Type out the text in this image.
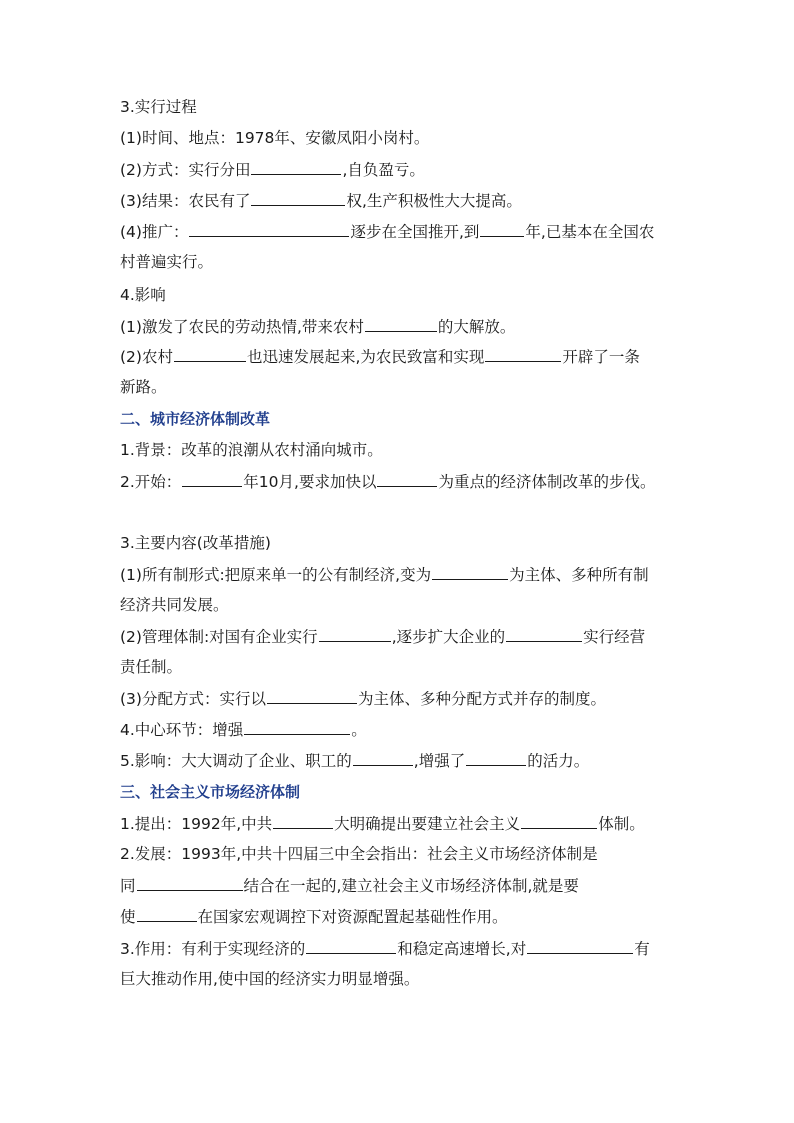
3.实行过程

(1)时间、地点：1978年、安徽凤阳小岗村。

(2)方式：实行分田	,自负盈亏。

(3)结果：农民有了	权,生产积极性大大提高。

(4)推广：	逐步在全国推开,到	年,已基本在全国农

村普遍实行。

4.影响

(1)激发了农民的劳动热情,带来农村	的大解放。

(2)农村	也迅速发展起来,为农民致富和实现	开辟了一条

新路。

二、城市经济体制改革

1.背景：改革的浪潮从农村涌向城市。

2.开始：	年10月,要求加快以	为重点的经济体制改革的步伐。

3.主要内容(改革措施)

(1)所有制形式:把原来单一的公有制经济,变为	为主体、多种所有制

经济共同发展。

(2)管理体制:对国有企业实行	,逐步扩大企业的	实行经营

责任制。

(3)分配方式：实行以	为主体、多种分配方式并存的制度。

4.中心环节：增强	。

5.影响：大大调动了企业、职工的	,增强了	的活力。

三、社会主义市场经济体制

1.提出：1992年,中共	大明确提出要建立社会主义	体制。

2.发展：1993年,中共十四届三中全会指出：社会主义市场经济体制是

同	结合在一起的,建立社会主义市场经济体制,就是要

使	在国家宏观调控下对资源配置起基础性作用。

3.作用：有利于实现经济的	和稳定高速增长,对	有

巨大推动作用,使中国的经济实力明显增强。
